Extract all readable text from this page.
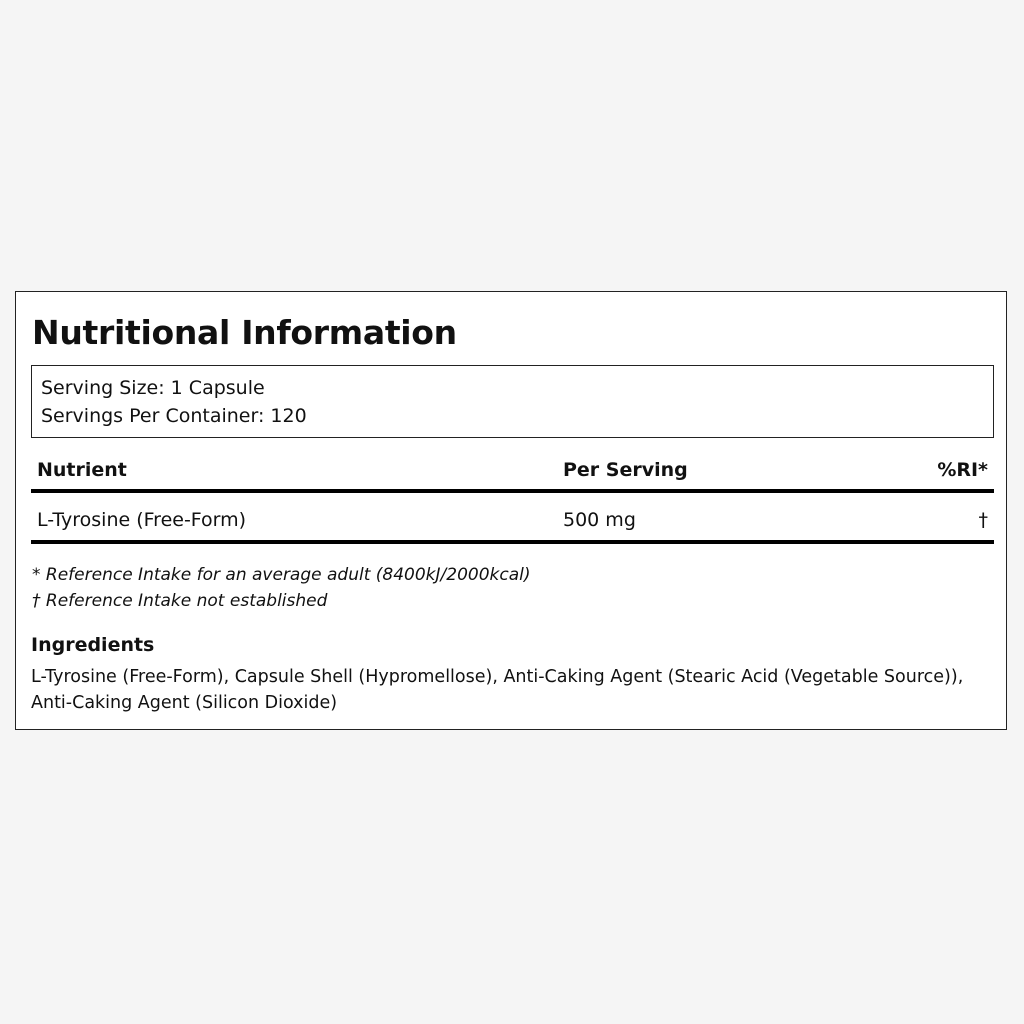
Nutritional Information
Serving Size: 1 Capsule
Servings Per Container: 120
Nutrient	Per Serving	%RI*
L-Tyrosine (Free-Form)	500 mg	†
* Reference Intake for an average adult (8400kJ/2000kcal)
† Reference Intake not established
Ingredients

L-Tyrosine (Free-Form), Capsule Shell (Hypromellose), Anti-Caking Agent (Stearic Acid (Vegetable Source)), Anti-Caking Agent (Silicon Dioxide)
